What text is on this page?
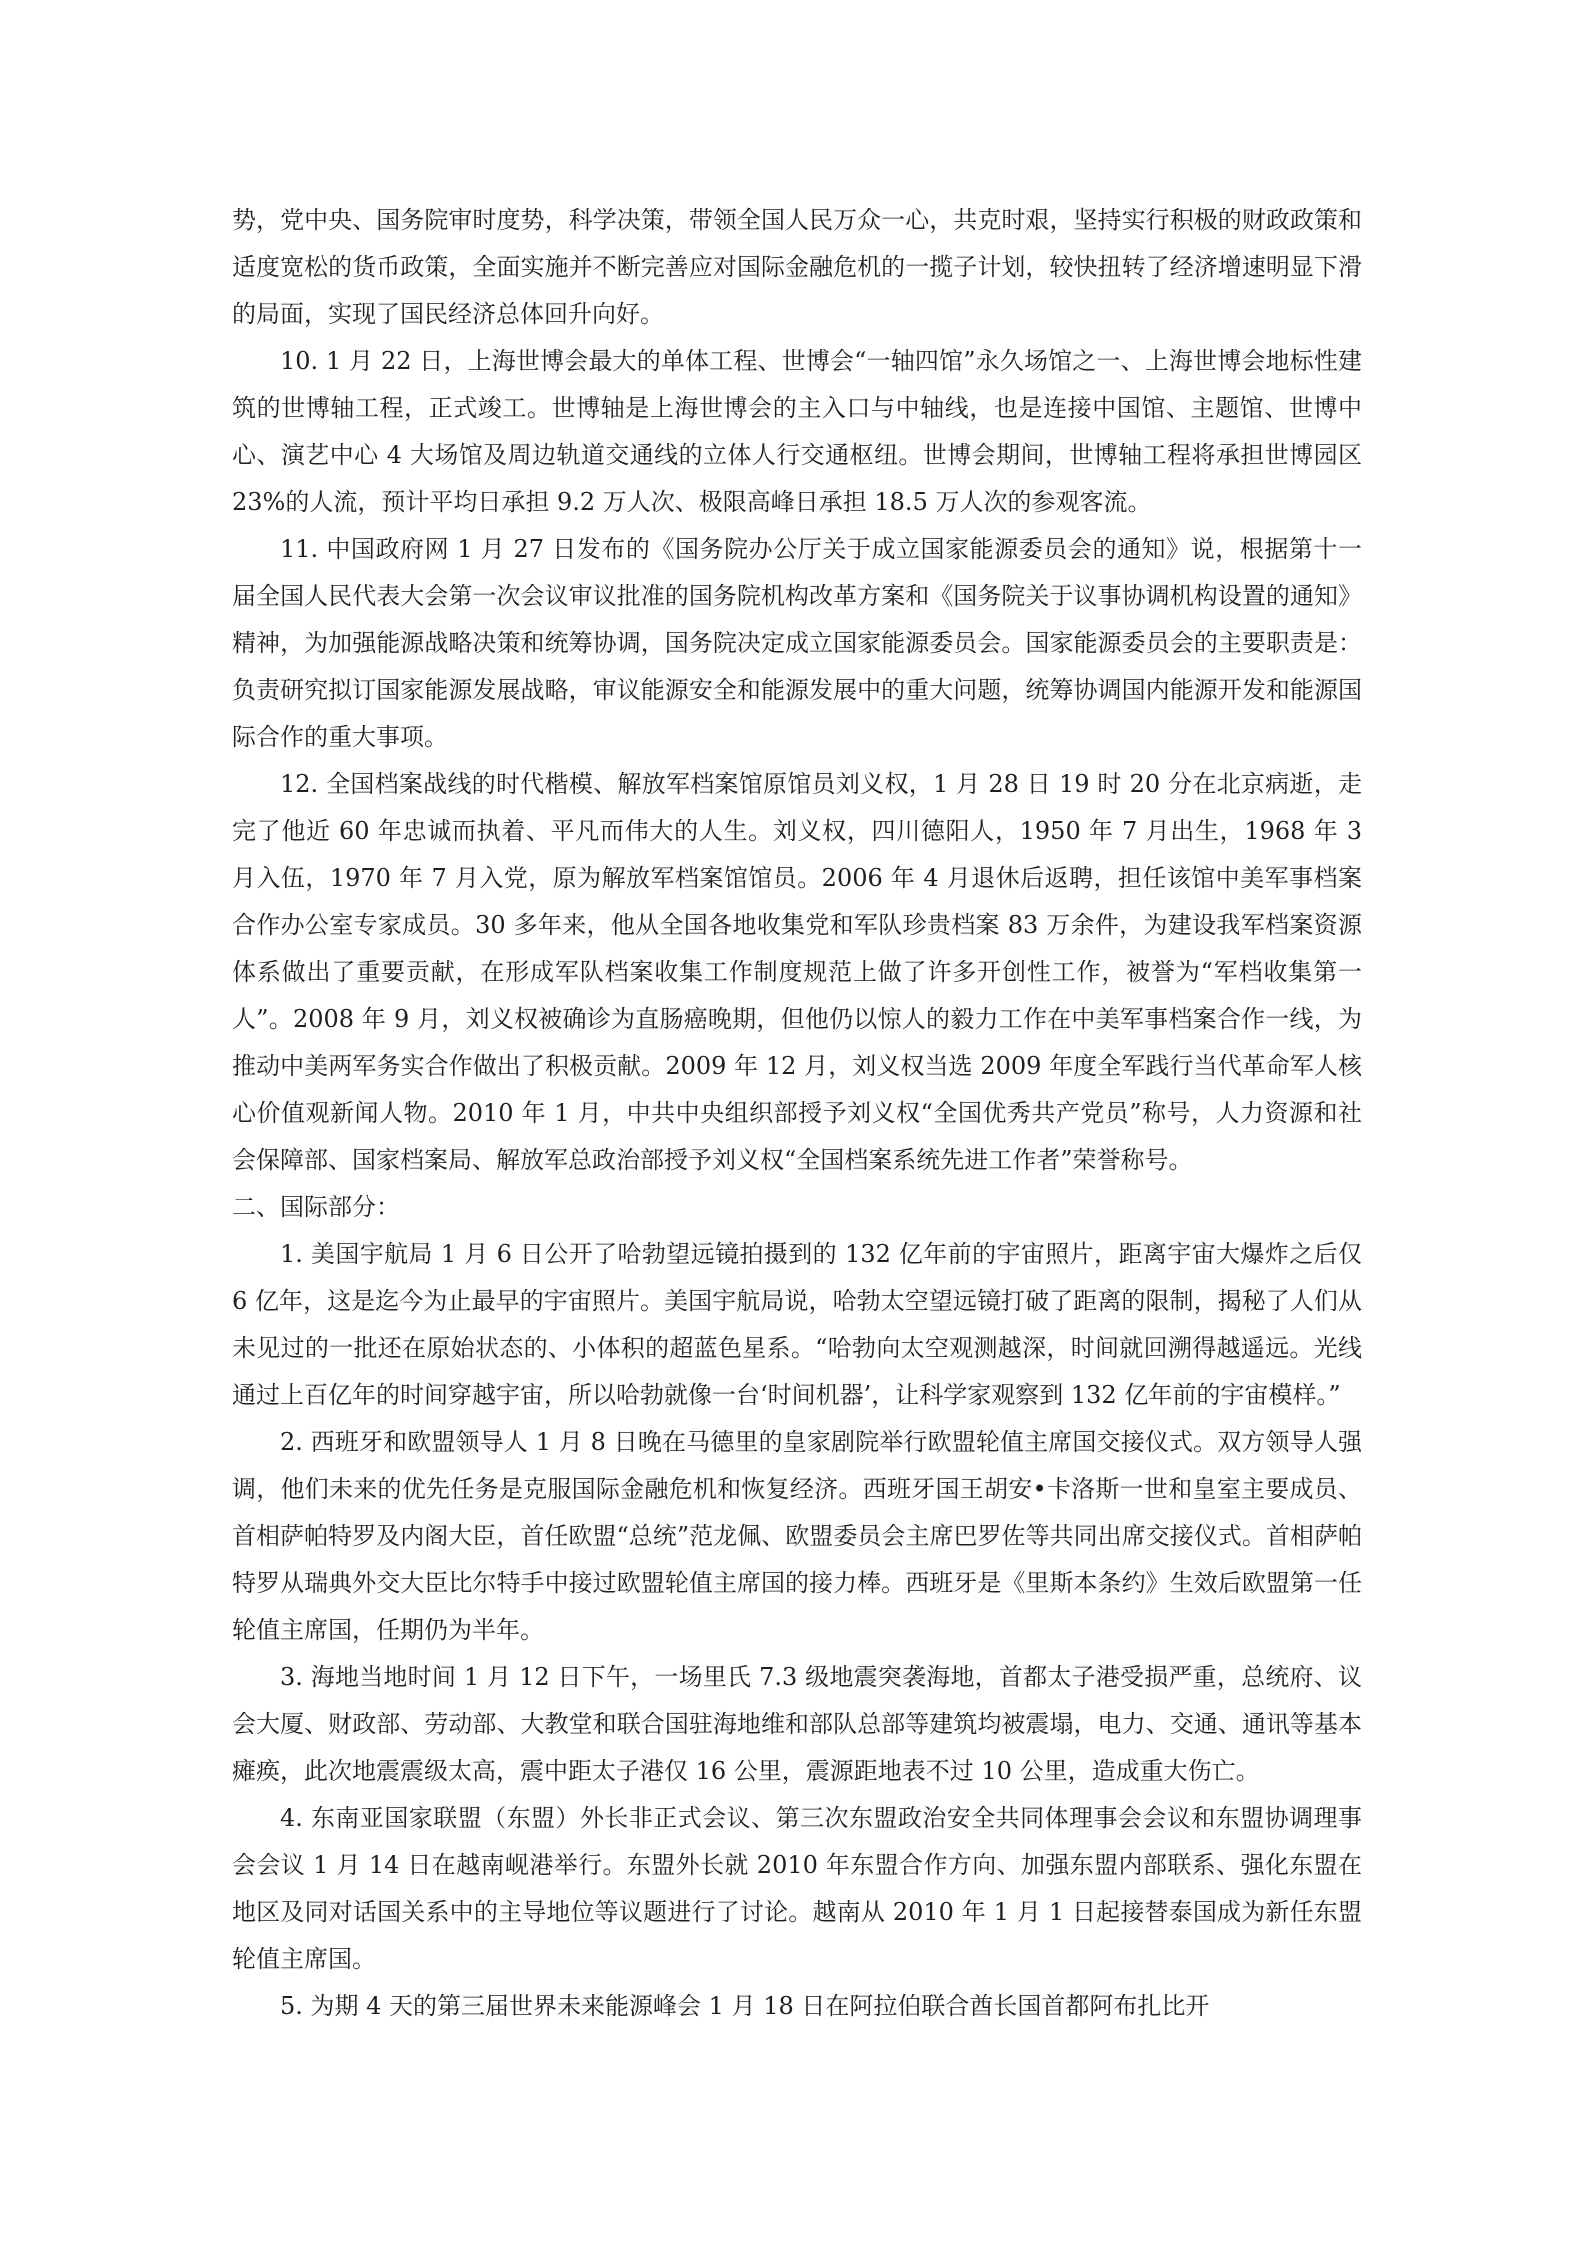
势，党中央、国务院审时度势，科学决策，带领全国人民万众一心，共克时艰，坚持实行积极的财政政策和适度宽松的货币政策，全面实施并不断完善应对国际金融危机的一揽子计划，较快扭转了经济增速明显下滑的局面，实现了国民经济总体回升向好。

10. 1 月 22 日，上海世博会最大的单体工程、世博会“一轴四馆”永久场馆之一、上海世博会地标性建筑的世博轴工程，正式竣工。世博轴是上海世博会的主入口与中轴线，也是连接中国馆、主题馆、世博中心、演艺中心 4 大场馆及周边轨道交通线的立体人行交通枢纽。世博会期间，世博轴工程将承担世博园区 23%的人流，预计平均日承担 9.2 万人次、极限高峰日承担 18.5 万人次的参观客流。

11. 中国政府网 1 月 27 日发布的《国务院办公厅关于成立国家能源委员会的通知》说，根据第十一届全国人民代表大会第一次会议审议批准的国务院机构改革方案和《国务院关于议事协调机构设置的通知》精神，为加强能源战略决策和统筹协调，国务院决定成立国家能源委员会。国家能源委员会的主要职责是：负责研究拟订国家能源发展战略，审议能源安全和能源发展中的重大问题，统筹协调国内能源开发和能源国际合作的重大事项。

12. 全国档案战线的时代楷模、解放军档案馆原馆员刘义权，1 月 28 日 19 时 20 分在北京病逝，走完了他近 60 年忠诚而执着、平凡而伟大的人生。刘义权，四川德阳人，1950 年 7 月出生，1968 年 3 月入伍，1970 年 7 月入党，原为解放军档案馆馆员。2006 年 4 月退休后返聘，担任该馆中美军事档案合作办公室专家成员。30 多年来，他从全国各地收集党和军队珍贵档案 83 万余件，为建设我军档案资源体系做出了重要贡献，在形成军队档案收集工作制度规范上做了许多开创性工作，被誉为“军档收集第一人”。2008 年 9 月，刘义权被确诊为直肠癌晚期，但他仍以惊人的毅力工作在中美军事档案合作一线，为推动中美两军务实合作做出了积极贡献。2009 年 12 月，刘义权当选 2009 年度全军践行当代革命军人核心价值观新闻人物。2010 年 1 月，中共中央组织部授予刘义权“全国优秀共产党员”称号，人力资源和社会保障部、国家档案局、解放军总政治部授予刘义权“全国档案系统先进工作者”荣誉称号。

二、国际部分：

1. 美国宇航局 1 月 6 日公开了哈勃望远镜拍摄到的 132 亿年前的宇宙照片，距离宇宙大爆炸之后仅 6 亿年，这是迄今为止最早的宇宙照片。美国宇航局说，哈勃太空望远镜打破了距离的限制，揭秘了人们从未见过的一批还在原始状态的、小体积的超蓝色星系。“哈勃向太空观测越深，时间就回溯得越遥远。光线通过上百亿年的时间穿越宇宙，所以哈勃就像一台‘时间机器’，让科学家观察到 132 亿年前的宇宙模样。”

2. 西班牙和欧盟领导人 1 月 8 日晚在马德里的皇家剧院举行欧盟轮值主席国交接仪式。双方领导人强调，他们未来的优先任务是克服国际金融危机和恢复经济。西班牙国王胡安•卡洛斯一世和皇室主要成员、首相萨帕特罗及内阁大臣，首任欧盟“总统”范龙佩、欧盟委员会主席巴罗佐等共同出席交接仪式。首相萨帕特罗从瑞典外交大臣比尔特手中接过欧盟轮值主席国的接力棒。西班牙是《里斯本条约》生效后欧盟第一任轮值主席国，任期仍为半年。

3. 海地当地时间 1 月 12 日下午，一场里氏 7.3 级地震突袭海地，首都太子港受损严重，总统府、议会大厦、财政部、劳动部、大教堂和联合国驻海地维和部队总部等建筑均被震塌，电力、交通、通讯等基本瘫痪，此次地震震级太高，震中距太子港仅 16 公里，震源距地表不过 10 公里，造成重大伤亡。

4. 东南亚国家联盟（东盟）外长非正式会议、第三次东盟政治安全共同体理事会会议和东盟协调理事会会议 1 月 14 日在越南岘港举行。东盟外长就 2010 年东盟合作方向、加强东盟内部联系、强化东盟在地区及同对话国关系中的主导地位等议题进行了讨论。越南从 2010 年 1 月 1 日起接替泰国成为新任东盟轮值主席国。

5. 为期 4 天的第三届世界未来能源峰会 1 月 18 日在阿拉伯联合酋长国首都阿布扎比开
